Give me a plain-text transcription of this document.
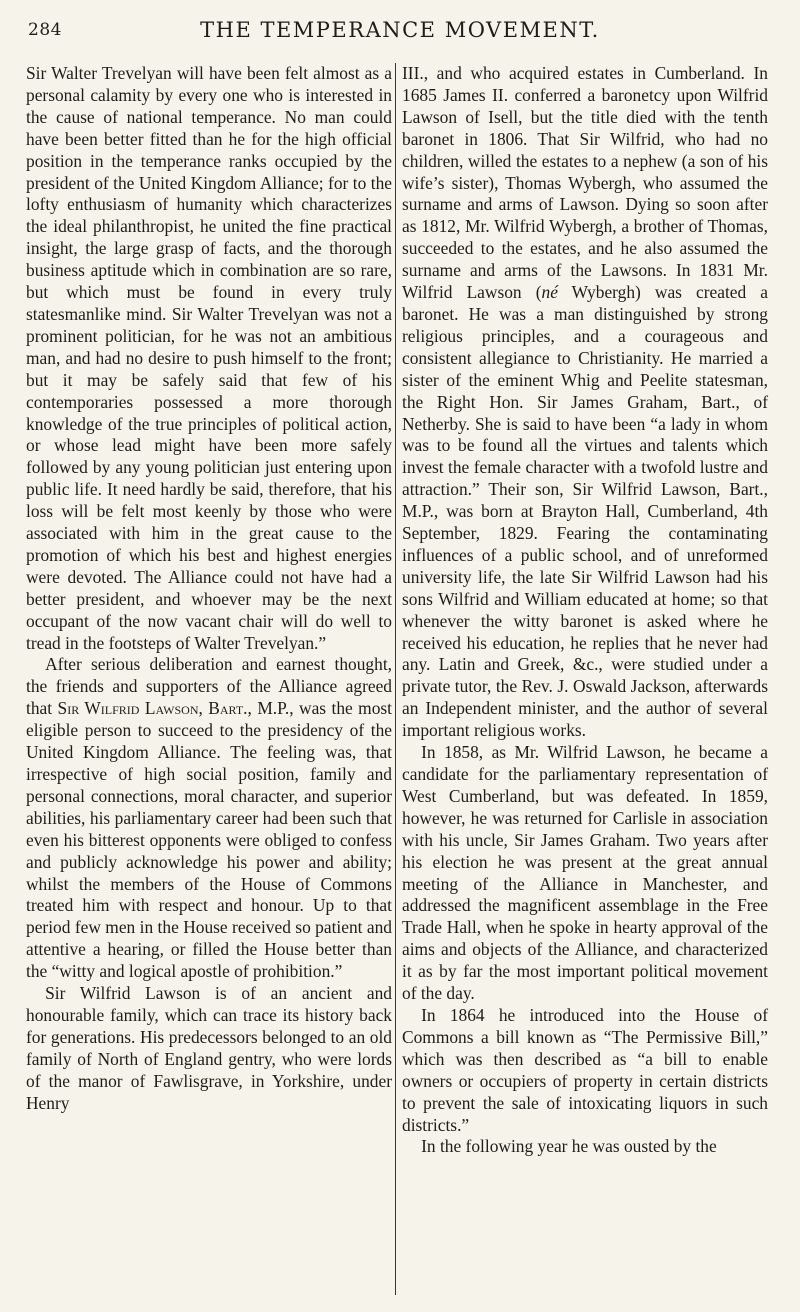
284	THE TEMPERANCE MOVEMENT.

Sir Walter Trevelyan will have been felt almost as a personal calamity by every one who is interested in the cause of national temperance. No man could have been better fitted than he for the high official position in the temperance ranks occupied by the president of the United Kingdom Alliance; for to the lofty enthusiasm of humanity which characterizes the ideal philanthropist, he united the fine practical insight, the large grasp of facts, and the thorough business aptitude which in combination are so rare, but which must be found in every truly statesmanlike mind. Sir Walter Trevelyan was not a prominent politician, for he was not an ambitious man, and had no desire to push himself to the front; but it may be safely said that few of his contemporaries possessed a more thorough knowledge of the true principles of political action, or whose lead might have been more safely followed by any young politician just entering upon public life. It need hardly be said, therefore, that his loss will be felt most keenly by those who were associated with him in the great cause to the promotion of which his best and highest energies were devoted. The Alliance could not have had a better president, and whoever may be the next occupant of the now vacant chair will do well to tread in the footsteps of Walter Trevelyan.”

After serious deliberation and earnest thought, the friends and supporters of the Alliance agreed that Sir Wilfrid Lawson, Bart., M.P., was the most eligible person to succeed to the presidency of the United Kingdom Alliance. The feeling was, that irrespective of high social position, family and personal connections, moral character, and superior abilities, his parliamentary career had been such that even his bitterest opponents were obliged to confess and publicly acknowledge his power and ability; whilst the members of the House of Commons treated him with respect and honour. Up to that period few men in the House received so patient and attentive a hearing, or filled the House better than the “witty and logical apostle of prohibition.”

Sir Wilfrid Lawson is of an ancient and honourable family, which can trace its history back for generations. His predecessors belonged to an old family of North of England gentry, who were lords of the manor of Fawlisgrave, in Yorkshire, under Henry

III., and who acquired estates in Cumberland. In 1685 James II. conferred a baronetcy upon Wilfrid Lawson of Isell, but the title died with the tenth baronet in 1806. That Sir Wilfrid, who had no children, willed the estates to a nephew (a son of his wife’s sister), Thomas Wybergh, who assumed the surname and arms of Lawson. Dying so soon after as 1812, Mr. Wilfrid Wybergh, a brother of Thomas, succeeded to the estates, and he also assumed the surname and arms of the Lawsons. In 1831 Mr. Wilfrid Lawson (né Wybergh) was created a baronet. He was a man distinguished by strong religious principles, and a courageous and consistent allegiance to Christianity. He married a sister of the eminent Whig and Peelite statesman, the Right Hon. Sir James Graham, Bart., of Netherby. She is said to have been “a lady in whom was to be found all the virtues and talents which invest the female character with a twofold lustre and attraction.” Their son, Sir Wilfrid Lawson, Bart., M.P., was born at Brayton Hall, Cumberland, 4th September, 1829. Fearing the contaminating influences of a public school, and of unreformed university life, the late Sir Wilfrid Lawson had his sons Wilfrid and William educated at home; so that whenever the witty baronet is asked where he received his education, he replies that he never had any. Latin and Greek, &c., were studied under a private tutor, the Rev. J. Oswald Jackson, afterwards an Independent minister, and the author of several important religious works.

In 1858, as Mr. Wilfrid Lawson, he became a candidate for the parliamentary representation of West Cumberland, but was defeated. In 1859, however, he was returned for Carlisle in association with his uncle, Sir James Graham. Two years after his election he was present at the great annual meeting of the Alliance in Manchester, and addressed the magnificent assemblage in the Free Trade Hall, when he spoke in hearty approval of the aims and objects of the Alliance, and characterized it as by far the most important political movement of the day.

In 1864 he introduced into the House of Commons a bill known as “The Permissive Bill,” which was then described as “a bill to enable owners or occupiers of property in certain districts to prevent the sale of intoxicating liquors in such districts.”

In the following year he was ousted by the
